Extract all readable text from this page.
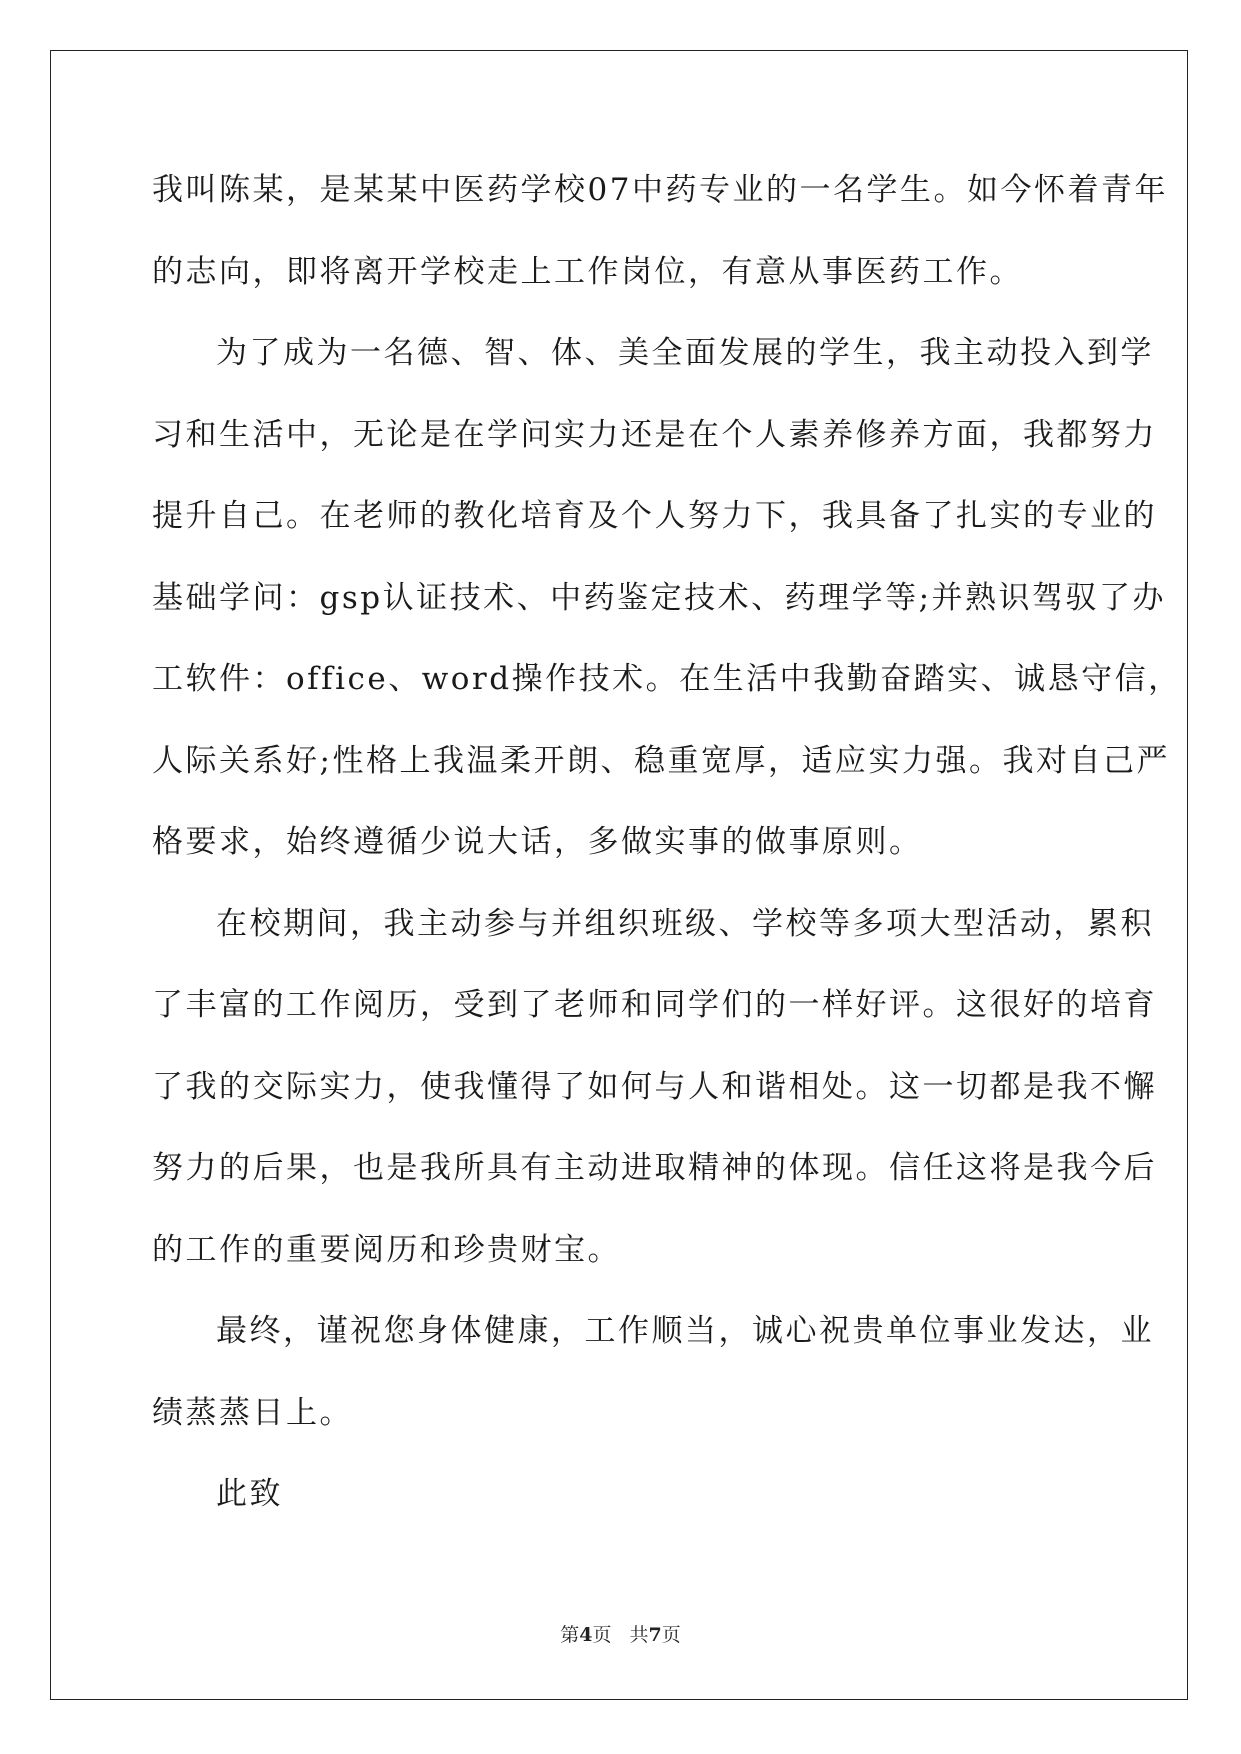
我叫陈某，是某某中医药学校07中药专业的一名学生。如今怀着青年
的志向，即将离开学校走上工作岗位，有意从事医药工作。
为了成为一名德、智、体、美全面发展的学生，我主动投入到学
习和生活中，无论是在学问实力还是在个人素养修养方面，我都努力
提升自己。在老师的教化培育及个人努力下，我具备了扎实的专业的
基础学问：gsp认证技术、中药鉴定技术、药理学等;并熟识驾驭了办
工软件：office、word操作技术。在生活中我勤奋踏实、诚恳守信，
人际关系好;性格上我温柔开朗、稳重宽厚，适应实力强。我对自己严
格要求，始终遵循少说大话，多做实事的做事原则。
在校期间，我主动参与并组织班级、学校等多项大型活动，累积
了丰富的工作阅历，受到了老师和同学们的一样好评。这很好的培育
了我的交际实力，使我懂得了如何与人和谐相处。这一切都是我不懈
努力的后果，也是我所具有主动进取精神的体现。信任这将是我今后
的工作的重要阅历和珍贵财宝。
最终，谨祝您身体健康，工作顺当，诚心祝贵单位事业发达，业
绩蒸蒸日上。
此致
第4页 共7页
